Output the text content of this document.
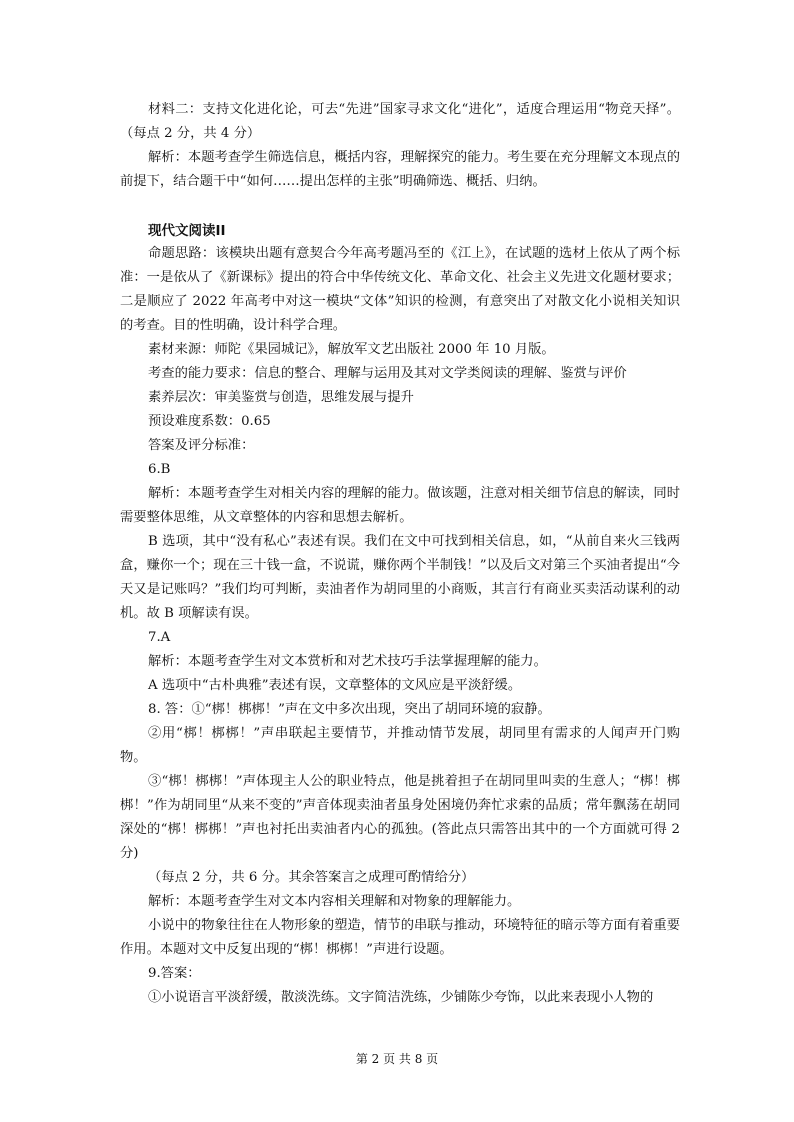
材料二：支持文化进化论，可去“先进”国家寻求文化“进化”，适度合理运用“物竞天择”。（每点 2 分，共 4 分）

解析：本题考查学生筛选信息，概括内容，理解探究的能力。考生要在充分理解文本现点的前提下，结合题干中“如何……提出怎样的主张”明确筛选、概括、归纳。

现代文阅读II

命题思路：该模块出题有意契合今年高考题冯至的《江上》，在试题的选材上依从了两个标准：一是依从了《新课标》提出的符合中华传统文化、革命文化、社会主义先进文化题材要求；二是顺应了 2022 年高考中对这一模块“文体”知识的检测，有意突出了对散文化小说相关知识的考查。目的性明确，设计科学合理。

素材来源：师陀《果园城记》，解放军文艺出版社 2000 年 10 月版。

考查的能力要求：信息的整合、理解与运用及其对文学类阅读的理解、鉴赏与评价

素养层次：审美鉴赏与创造，思维发展与提升

预设难度系数：0.65

答案及评分标准：

6.B

解析：本题考查学生对相关内容的理解的能力。做该题，注意对相关细节信息的解读，同时需要整体思维，从文章整体的内容和思想去解析。

B 选项，其中“没有私心”表述有误。我们在文中可找到相关信息，如，“从前自来火三钱两盒，赚你一个；现在三十钱一盒，不说谎，赚你两个半制钱！”以及后文对第三个买油者提出“今天又是记账吗？”我们均可判断，卖油者作为胡同里的小商贩，其言行有商业买卖活动谋利的动机。故 B 项解读有误。

7.A

解析：本题考查学生对文本赏析和对艺术技巧手法掌握理解的能力。

A 选项中“古朴典雅”表述有误，文章整体的文风应是平淡舒缓。

8. 答：①“梆！梆梆！”声在文中多次出现，突出了胡同环境的寂静。

②用“梆！梆梆！”声串联起主要情节，并推动情节发展，胡同里有需求的人闻声开门购物。

③“梆！梆梆！”声体现主人公的职业特点，他是挑着担子在胡同里叫卖的生意人；“梆！梆梆！”作为胡同里“从来不变的”声音体现卖油者虽身处困境仍奔忙求索的品质；常年飘荡在胡同深处的“梆！梆梆！”声也衬托出卖油者内心的孤独。(答此点只需答出其中的一个方面就可得 2 分)

（每点 2 分，共 6 分。其余答案言之成理可酌情给分）

解析：本题考查学生对文本内容相关理解和对物象的理解能力。

小说中的物象往往在人物形象的塑造，情节的串联与推动，环境特征的暗示等方面有着重要作用。本题对文中反复出现的“梆！梆梆！”声进行设题。

9.答案：

①小说语言平淡舒缓，散淡洗练。文字简洁洗练，少铺陈少夸饰，以此来表现小人物的

第 2 页 共 8 页
